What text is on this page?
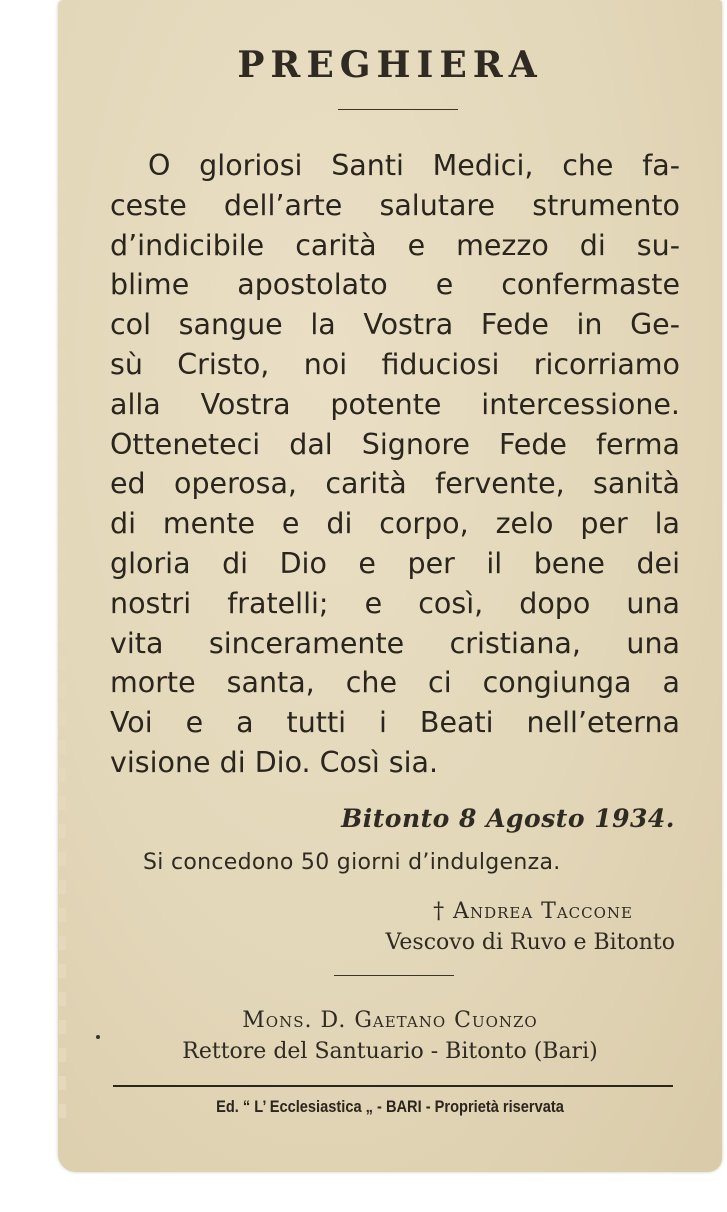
PREGHIERA
O gloriosi Santi Medici, che fa-
ceste dell’arte salutare strumento
d’indicibile carità e mezzo di su-
blime apostolato e confermaste
col sangue la Vostra Fede in Ge-
sù Cristo, noi fiduciosi ricorriamo
alla Vostra potente intercessione.
Otteneteci dal Signore Fede ferma
ed operosa, carità fervente, sanità
di mente e di corpo, zelo per la
gloria di Dio e per il bene dei
nostri fratelli; e così, dopo una
vita sinceramente cristiana, una
morte santa, che ci congiunga a
Voi e a tutti i Beati nell’eterna
visione di Dio. Così sia.
Bitonto 8 Agosto 1934.
Si concedono 50 giorni d’indulgenza.
† Andrea Taccone
Vescovo di Ruvo e Bitonto
Mons. D. Gaetano Cuonzo
Rettore del Santuario - Bitonto (Bari)
Ed. “ L’ Ecclesiastica „ - BARI - Proprietà riservata
